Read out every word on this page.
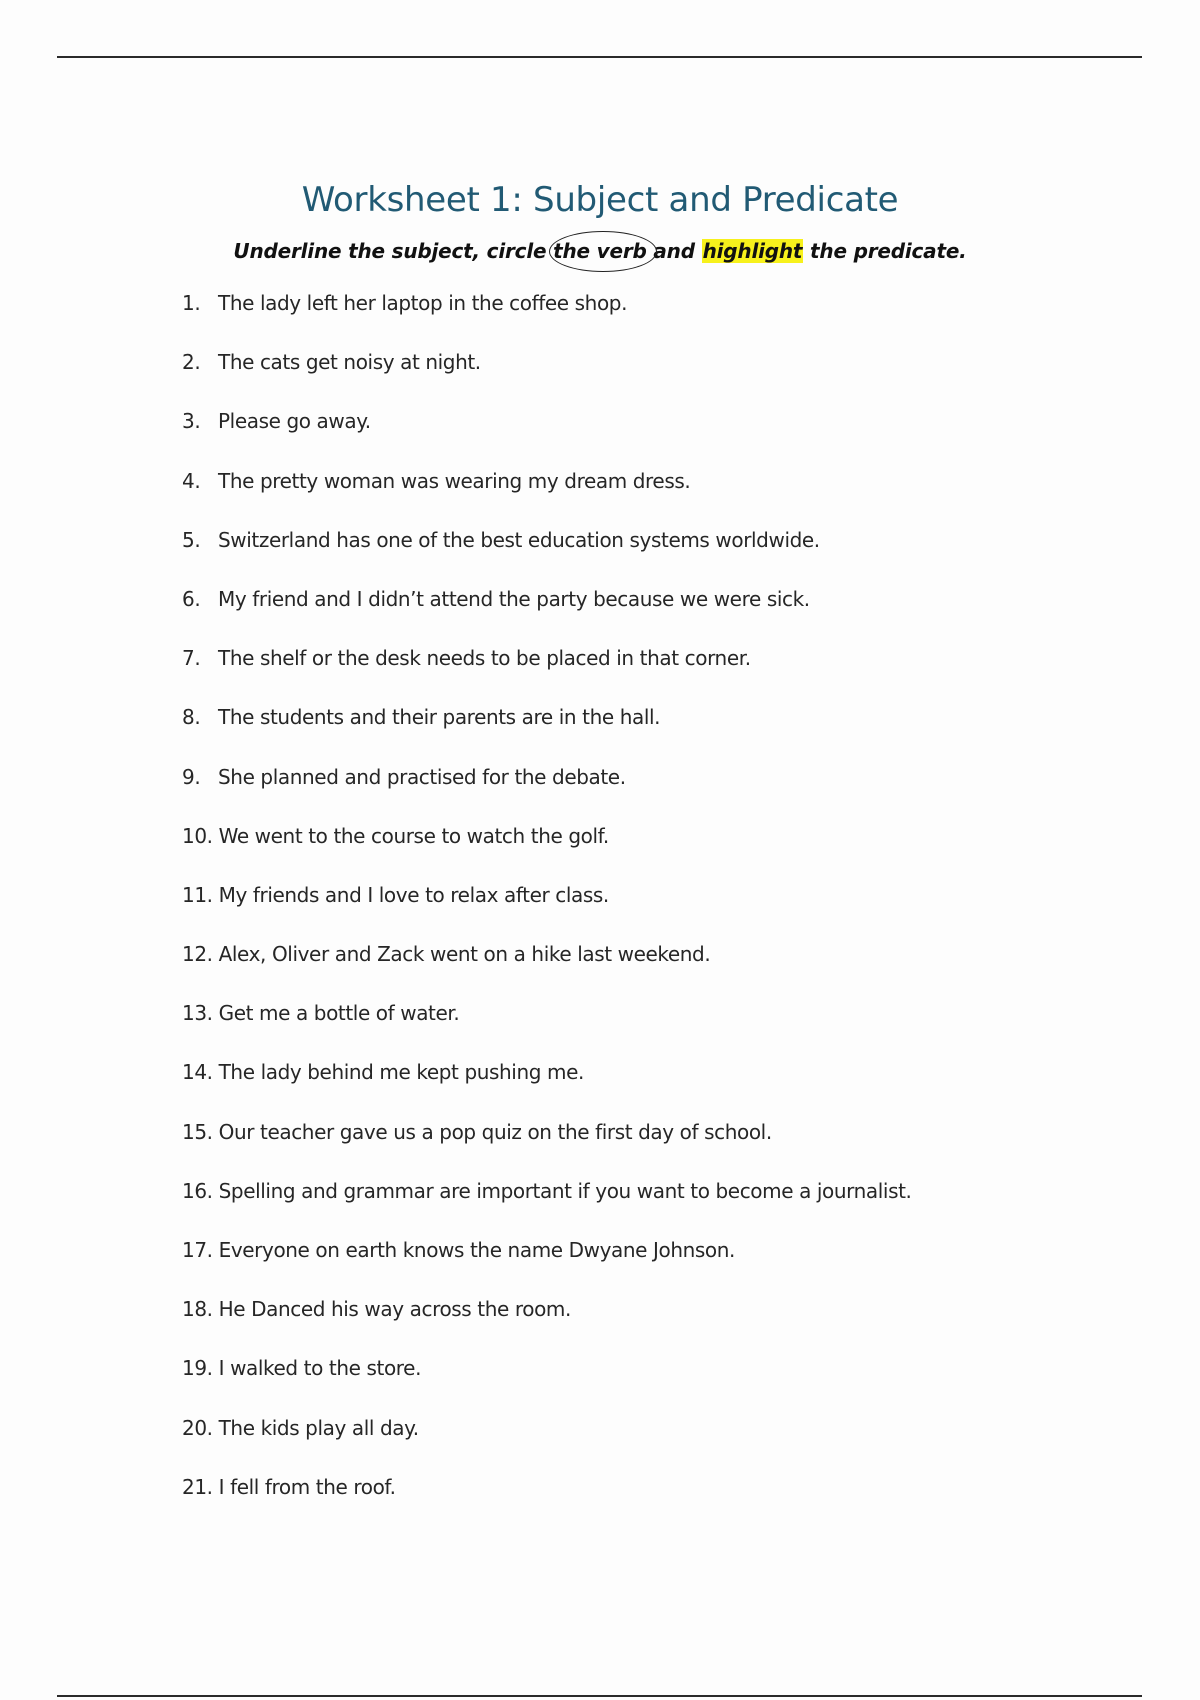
Worksheet 1: Subject and Predicate
Underline the subject, circle the verb
and highlight the predicate.
1. The lady left her laptop in the coffee shop.
2. The cats get noisy at night.
3. Please go away.
4. The pretty woman was wearing my dream dress.
5. Switzerland has one of the best education systems worldwide.
6. My friend and I didn’t attend the party because we were sick.
7. The shelf or the desk needs to be placed in that corner.
8. The students and their parents are in the hall.
9. She planned and practised for the debate.
10. We went to the course to watch the golf.
11. My friends and I love to relax after class.
12. Alex, Oliver and Zack went on a hike last weekend.
13. Get me a bottle of water.
14. The lady behind me kept pushing me.
15. Our teacher gave us a pop quiz on the first day of school.
16. Spelling and grammar are important if you want to become a journalist.
17. Everyone on earth knows the name Dwyane Johnson.
18. He Danced his way across the room.
19. I walked to the store.
20. The kids play all day.
21. I fell from the roof.
